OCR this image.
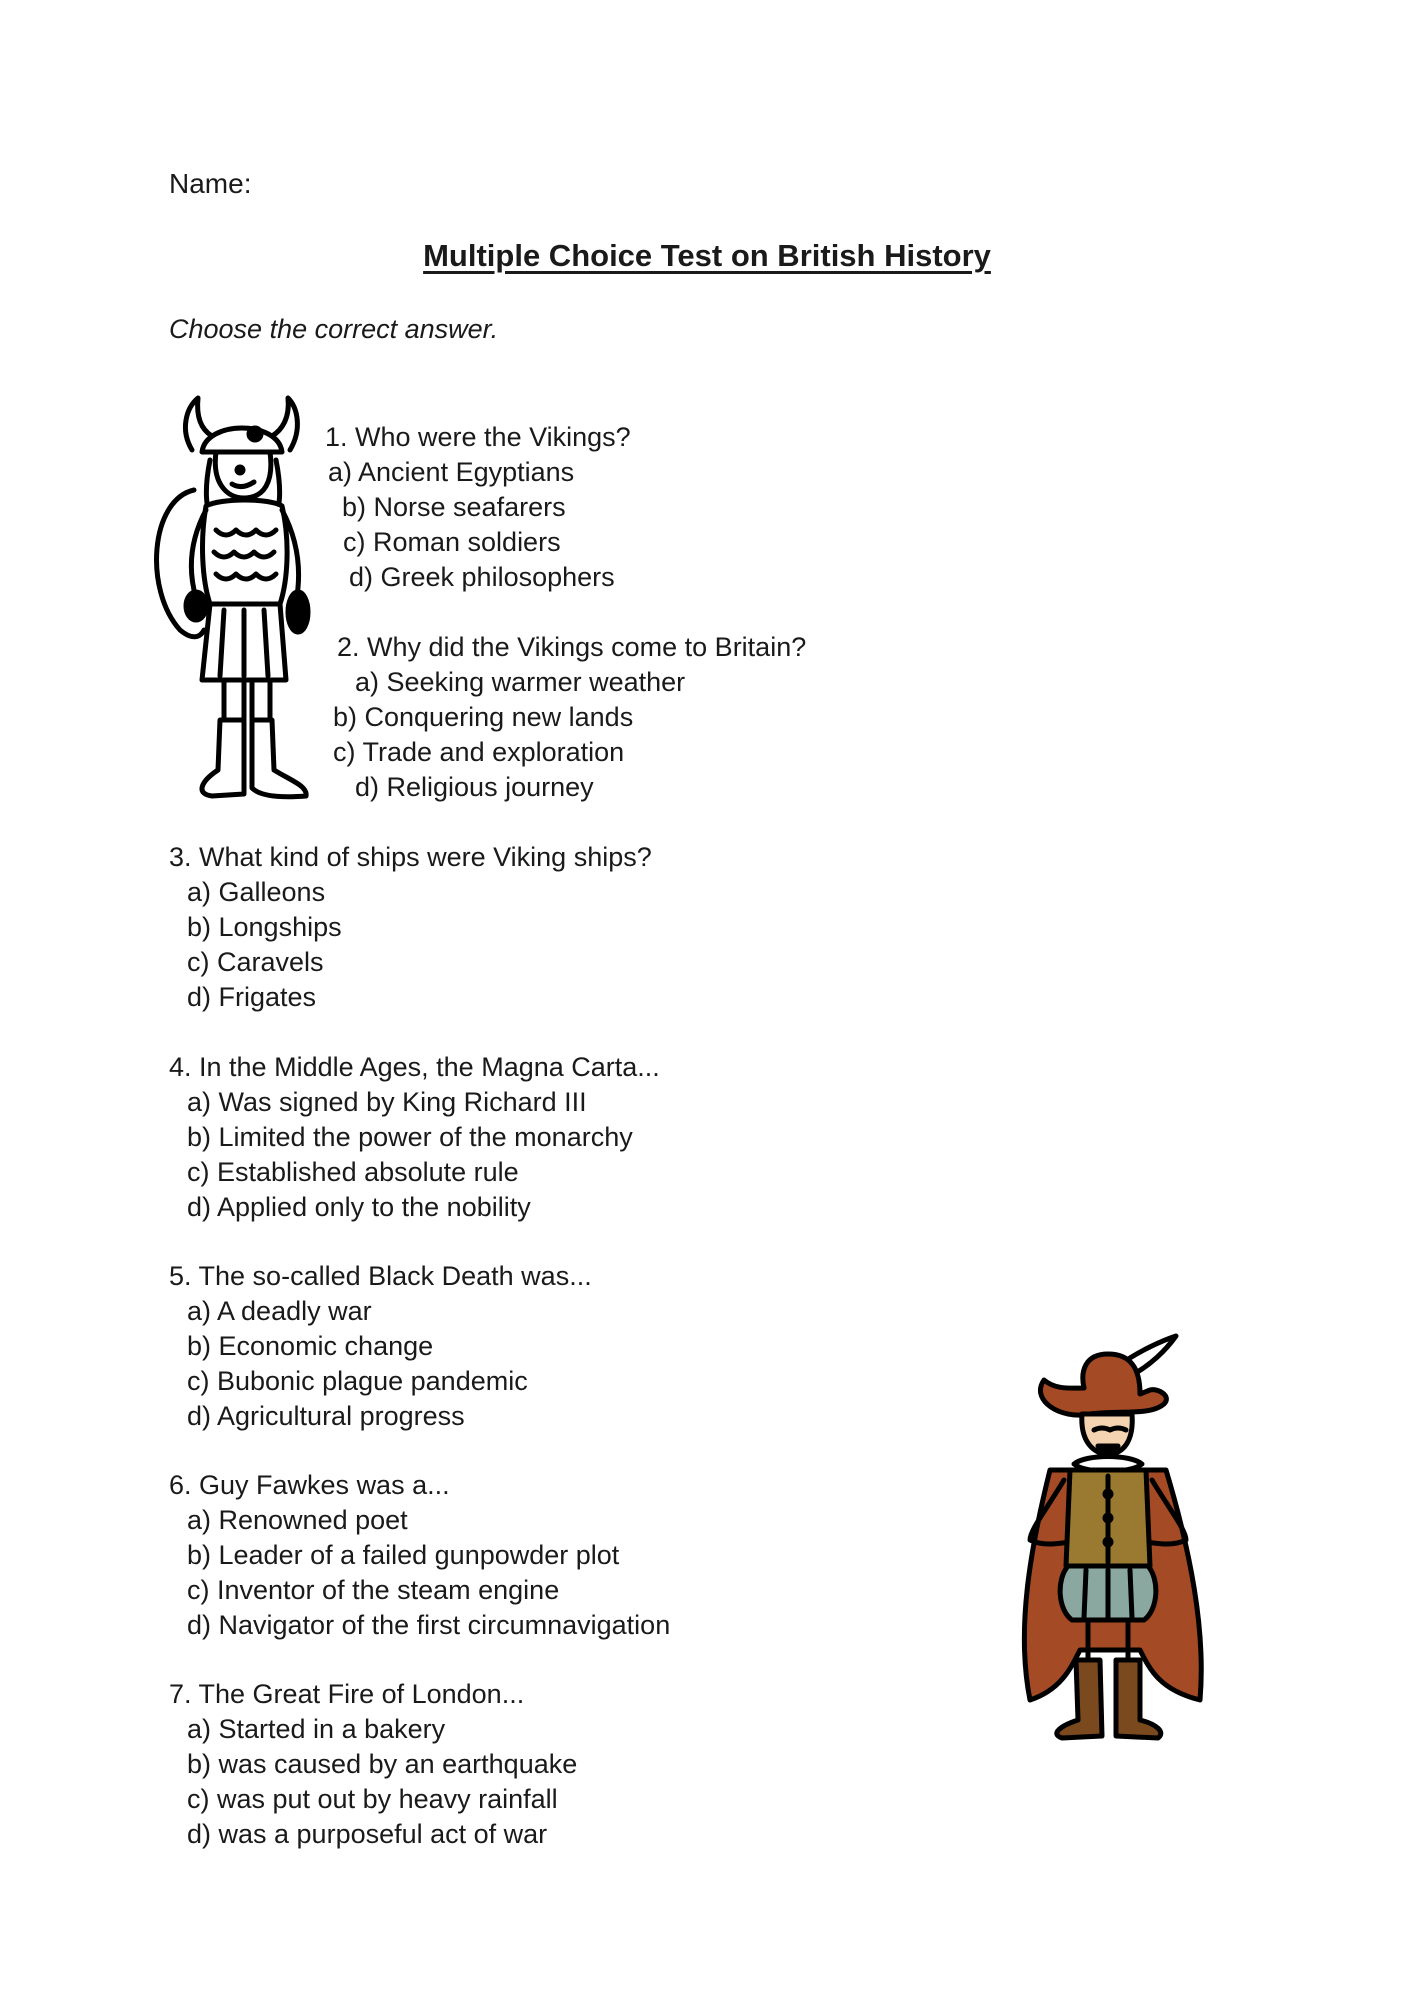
Name:
Multiple Choice Test on British History
Choose the correct answer.
1. Who were the Vikings?
a) Ancient Egyptians
b) Norse seafarers
c) Roman soldiers
d) Greek philosophers
2. Why did the Vikings come to Britain?
a) Seeking warmer weather
b) Conquering new lands
c) Trade and exploration
d) Religious journey
3. What kind of ships were Viking ships?
a) Galleons
b) Longships
c) Caravels
d) Frigates
4. In the Middle Ages, the Magna Carta...
a) Was signed by King Richard III
b) Limited the power of the monarchy
c) Established absolute rule
d) Applied only to the nobility
5. The so-called Black Death was...
a) A deadly war
b) Economic change
c) Bubonic plague pandemic
d) Agricultural progress
6. Guy Fawkes was a...
a) Renowned poet
b) Leader of a failed gunpowder plot
c) Inventor of the steam engine
d) Navigator of the first circumnavigation
7. The Great Fire of London...
a) Started in a bakery
b) was caused by an earthquake
c) was put out by heavy rainfall
d) was a purposeful act of war
